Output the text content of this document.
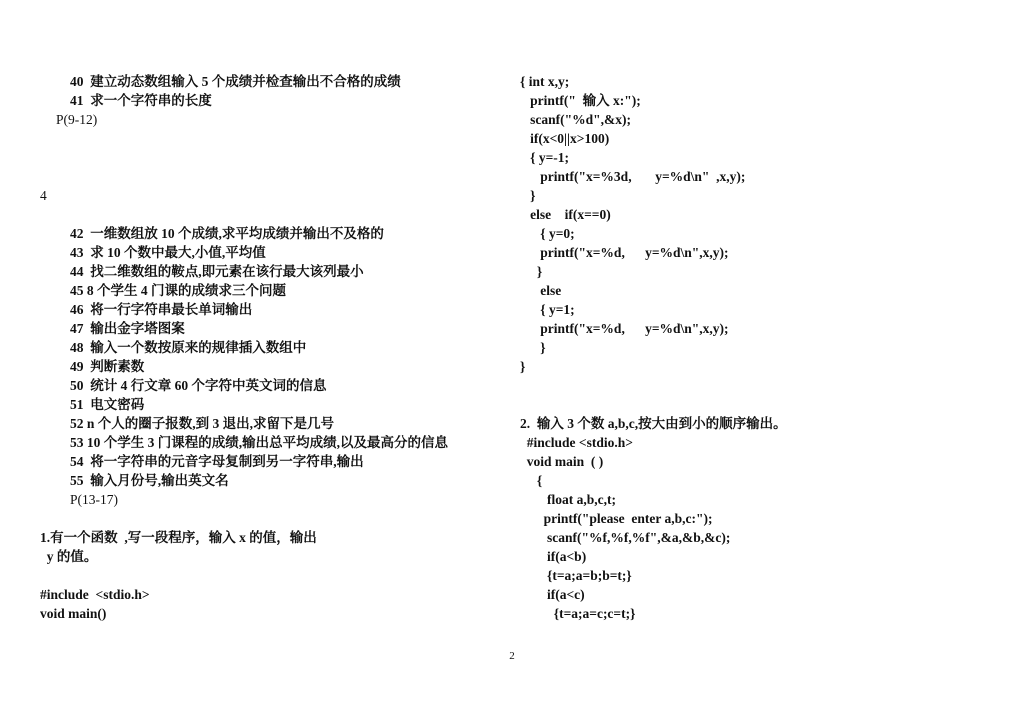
40  建立动态数组输入 5 个成绩并检查输出不合格的成绩
41  求一个字符串的长度
P(9-12)
4
42  一维数组放 10 个成绩,求平均成绩并输出不及格的
43  求 10 个数中最大,小值,平均值
44  找二维数组的鞍点,即元素在该行最大该列最小
45 8 个学生 4 门课的成绩求三个问题
46  将一行字符串最长单词输出
47  输出金字塔图案
48  输入一个数按原来的规律插入数组中
49  判断素数
50  统计 4 行文章 60 个字符中英文词的信息
51  电文密码
52 n 个人的圈子报数,到 3 退出,求留下是几号
53 10 个学生 3 门课程的成绩,输出总平均成绩,以及最高分的信息
54  将一字符串的元音字母复制到另一字符串,输出
55  输入月份号,输出英文名
P(13-17)
1.有一个函数  ,写一段程序，输入 x 的值，输出
y 的值。
#include  <stdio.h>
void main()
{ int x,y;
printf("  输入 x:");
scanf("%d",&x);
if(x<0||x>100)
{ y=-1;
printf("x=%3d,       y=%d\n"  ,x,y);
}
else    if(x==0)
{ y=0;
printf("x=%d,      y=%d\n",x,y);
}
else
{ y=1;
printf("x=%d,      y=%d\n",x,y);
}
}
2.  输入 3 个数 a,b,c,按大由到小的顺序输出。
#include <stdio.h>
void main  ( )
{
float a,b,c,t;
printf("please  enter a,b,c:");
scanf("%f,%f,%f",&a,&b,&c);
if(a<b)
{t=a;a=b;b=t;}
if(a<c)
{t=a;a=c;c=t;}
2
